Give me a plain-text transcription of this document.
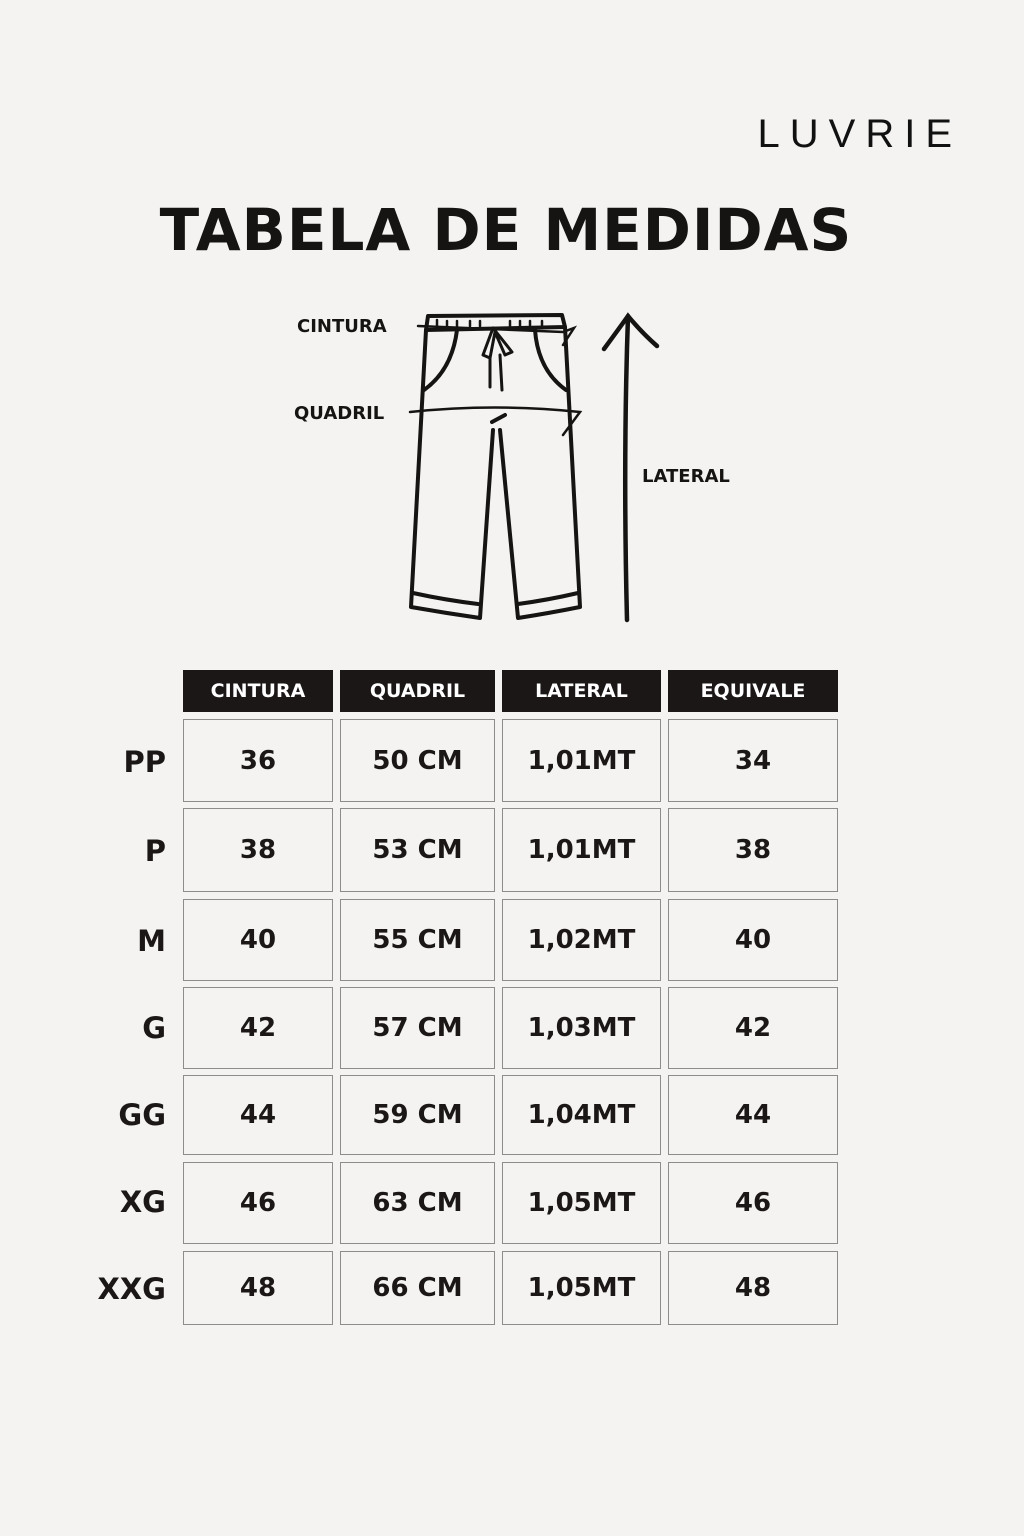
LUVRIE
TABELA DE MEDIDAS
CINTURA
QUADRIL
LATERAL
CINTURA	QUADRIL	LATERAL	EQUIVALE
PP	36	50 CM	1,01MT	34
P	38	53 CM	1,01MT	38
M	40	55 CM	1,02MT	40
G	42	57 CM	1,03MT	42
GG	44	59 CM	1,04MT	44
XG	46	63 CM	1,05MT	46
XXG	48	66 CM	1,05MT	48
